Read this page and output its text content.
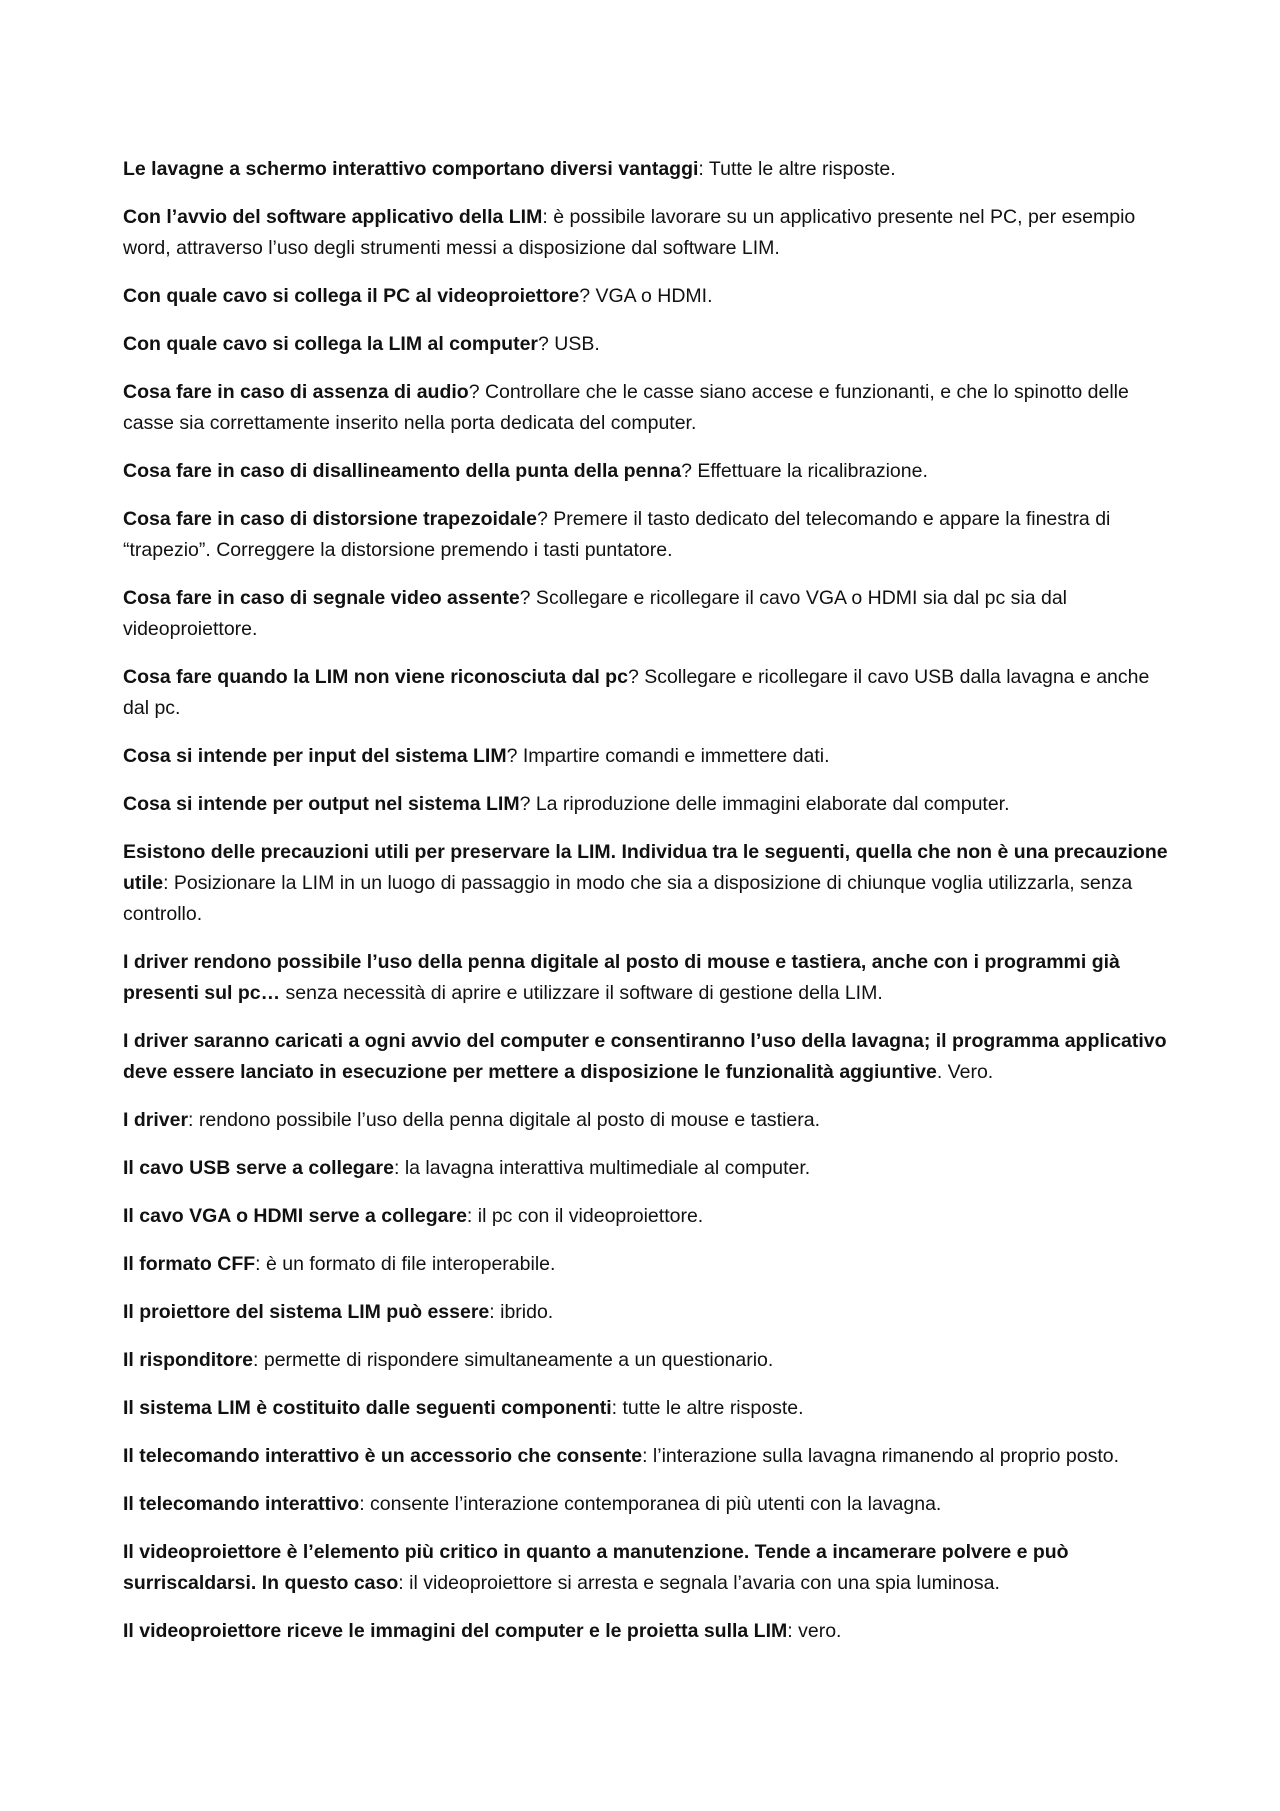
Le lavagne a schermo interattivo comportano diversi vantaggi: Tutte le altre risposte.

Con l’avvio del software applicativo della LIM: è possibile lavorare su un applicativo presente nel PC, per esempio word, attraverso l’uso degli strumenti messi a disposizione dal software LIM.

Con quale cavo si collega il PC al videoproiettore? VGA o HDMI.

Con quale cavo si collega la LIM al computer? USB.

Cosa fare in caso di assenza di audio? Controllare che le casse siano accese e funzionanti, e che lo spinotto delle casse sia correttamente inserito nella porta dedicata del computer.

Cosa fare in caso di disallineamento della punta della penna? Effettuare la ricalibrazione.

Cosa fare in caso di distorsione trapezoidale? Premere il tasto dedicato del telecomando e appare la finestra di “trapezio”. Correggere la distorsione premendo i tasti puntatore.

Cosa fare in caso di segnale video assente? Scollegare e ricollegare il cavo VGA o HDMI sia dal pc sia dal videoproiettore.

Cosa fare quando la LIM non viene riconosciuta dal pc? Scollegare e ricollegare il cavo USB dalla lavagna e anche dal pc.

Cosa si intende per input del sistema LIM? Impartire comandi e immettere dati.

Cosa si intende per output nel sistema LIM? La riproduzione delle immagini elaborate dal computer.

Esistono delle precauzioni utili per preservare la LIM. Individua tra le seguenti, quella che non è una precauzione utile: Posizionare la LIM in un luogo di passaggio in modo che sia a disposizione di chiunque voglia utilizzarla, senza controllo.

I driver rendono possibile l’uso della penna digitale al posto di mouse e tastiera, anche con i programmi già presenti sul pc… senza necessità di aprire e utilizzare il software di gestione della LIM.

I driver saranno caricati a ogni avvio del computer e consentiranno l’uso della lavagna; il programma applicativo deve essere lanciato in esecuzione per mettere a disposizione le funzionalità aggiuntive. Vero.

I driver: rendono possibile l’uso della penna digitale al posto di mouse e tastiera.

Il cavo USB serve a collegare: la lavagna interattiva multimediale al computer.

Il cavo VGA o HDMI serve a collegare: il pc con il videoproiettore.

Il formato CFF: è un formato di file interoperabile.

Il proiettore del sistema LIM può essere: ibrido.

Il risponditore: permette di rispondere simultaneamente a un questionario.

Il sistema LIM è costituito dalle seguenti componenti: tutte le altre risposte.

Il telecomando interattivo è un accessorio che consente: l’interazione sulla lavagna rimanendo al proprio posto.

Il telecomando interattivo: consente l’interazione contemporanea di più utenti con la lavagna.

Il videoproiettore è l’elemento più critico in quanto a manutenzione. Tende a incamerare polvere e può surriscaldarsi. In questo caso: il videoproiettore si arresta e segnala l’avaria con una spia luminosa.

Il videoproiettore riceve le immagini del computer e le proietta sulla LIM: vero.
